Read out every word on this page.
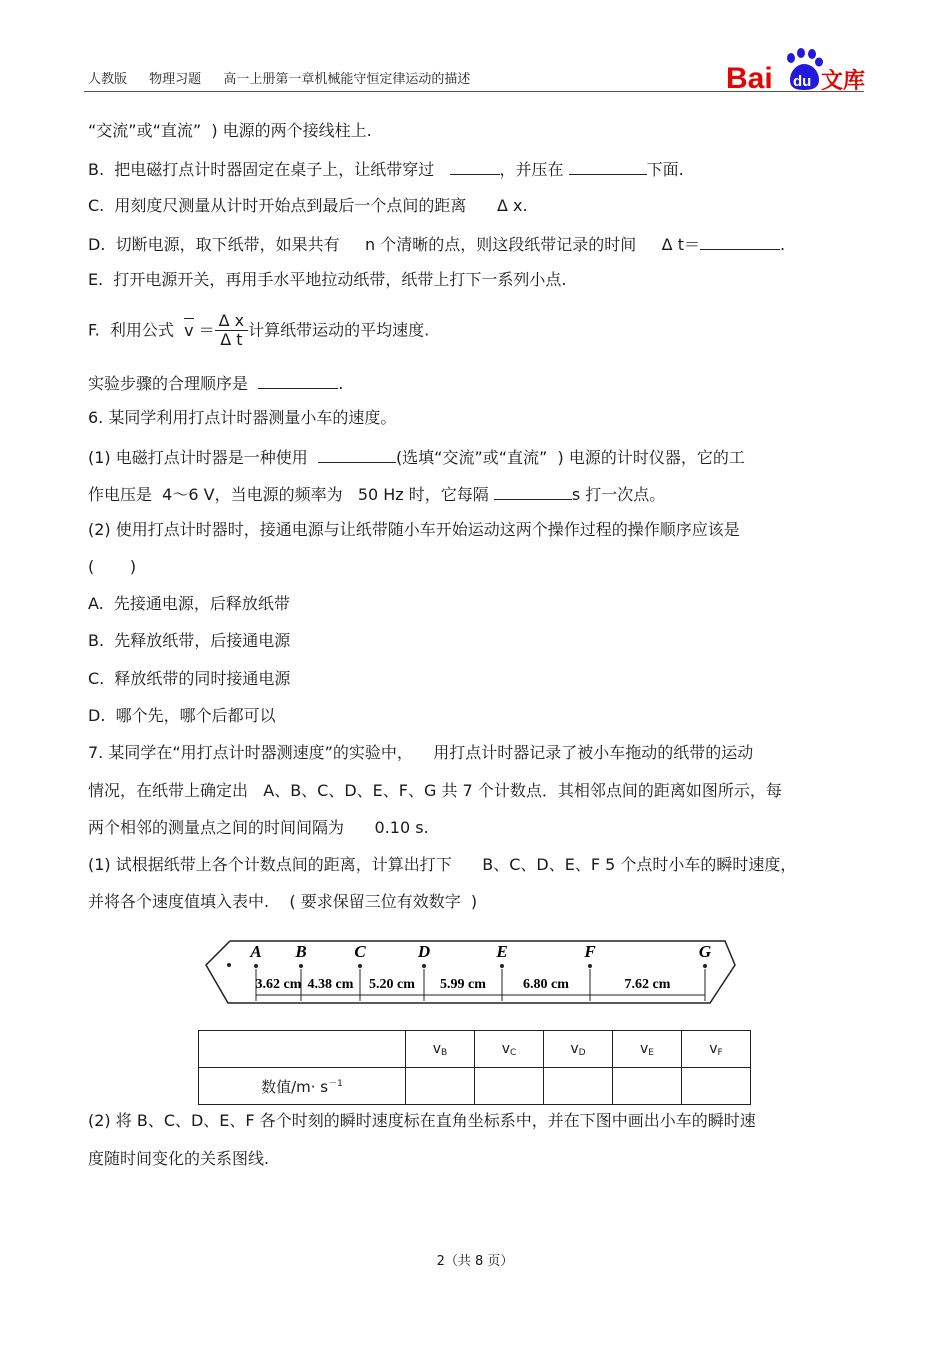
人教版 物理习题 高一上册第一章机械能守恒定律运动的描述	Bai du 文库
“交流”或“直流”  ) 电源的两个接线柱上.
B.  把电磁打点计时器固定在桌子上，让纸带穿过	，并压在	下面.
C.  用刻度尺测量从计时开始点到最后一个点间的距离      Δ x.
D.  切断电源，取下纸带，如果共有     n 个清晰的点，则这段纸带记录的时间     Δ t＝	.
E.  打开电源开关，再用手水平地拉动纸带，纸带上打下一系列小点.
F.  利用公式  $v = \frac{\text{Δ x}}{\text{Δ t}}$ 计算纸带运动的平均速度.
实验步骤的合理顺序是	.
6. 某同学利用打点计时器测量小车的速度。
(1) 电磁打点计时器是一种使用	(选填“交流”或“直流”  ) 电源的计时仪器，它的工
作电压是  4～6 V，当电源的频率为   50 Hz 时，它每隔	s 打一次点。
(2) 使用打点计时器时，接通电源与让纸带随小车开始运动这两个操作过程的操作顺序应该是
(       )
A.  先接通电源，后释放纸带
B.  先释放纸带，后接通电源
C.  释放纸带的同时接通电源
D.  哪个先，哪个后都可以
7. 某同学在“用打点计时器测速度”的实验中，    用打点计时器记录了被小车拖动的纸带的运动
情况，在纸带上确定出   A、B、C、D、E、F、G 共 7 个计数点．其相邻点间的距离如图所示，每
两个相邻的测量点之间的时间间隔为      0.10 s.
(1) 试根据纸带上各个计数点间的距离，计算出打下      B、C、D、E、F 5 个点时小车的瞬时速度，
并将各个速度值填入表中.    ( 要求保留三位有效数字  )
A B	C	D	E	F	G
3.62 cm 4.38 cm 5.20 cm 5.99 cm	6.80 cm	7.62 cm
	$v_B$	$v_C$	$v_D$	$v_E$	$v_F$
数值$/m\cdot s^{-1}$					
(2) 将 B、C、D、E、F 各个时刻的瞬时速度标在直角坐标系中，并在下图中画出小车的瞬时速
度随时间变化的关系图线.
2（共 8 页）
